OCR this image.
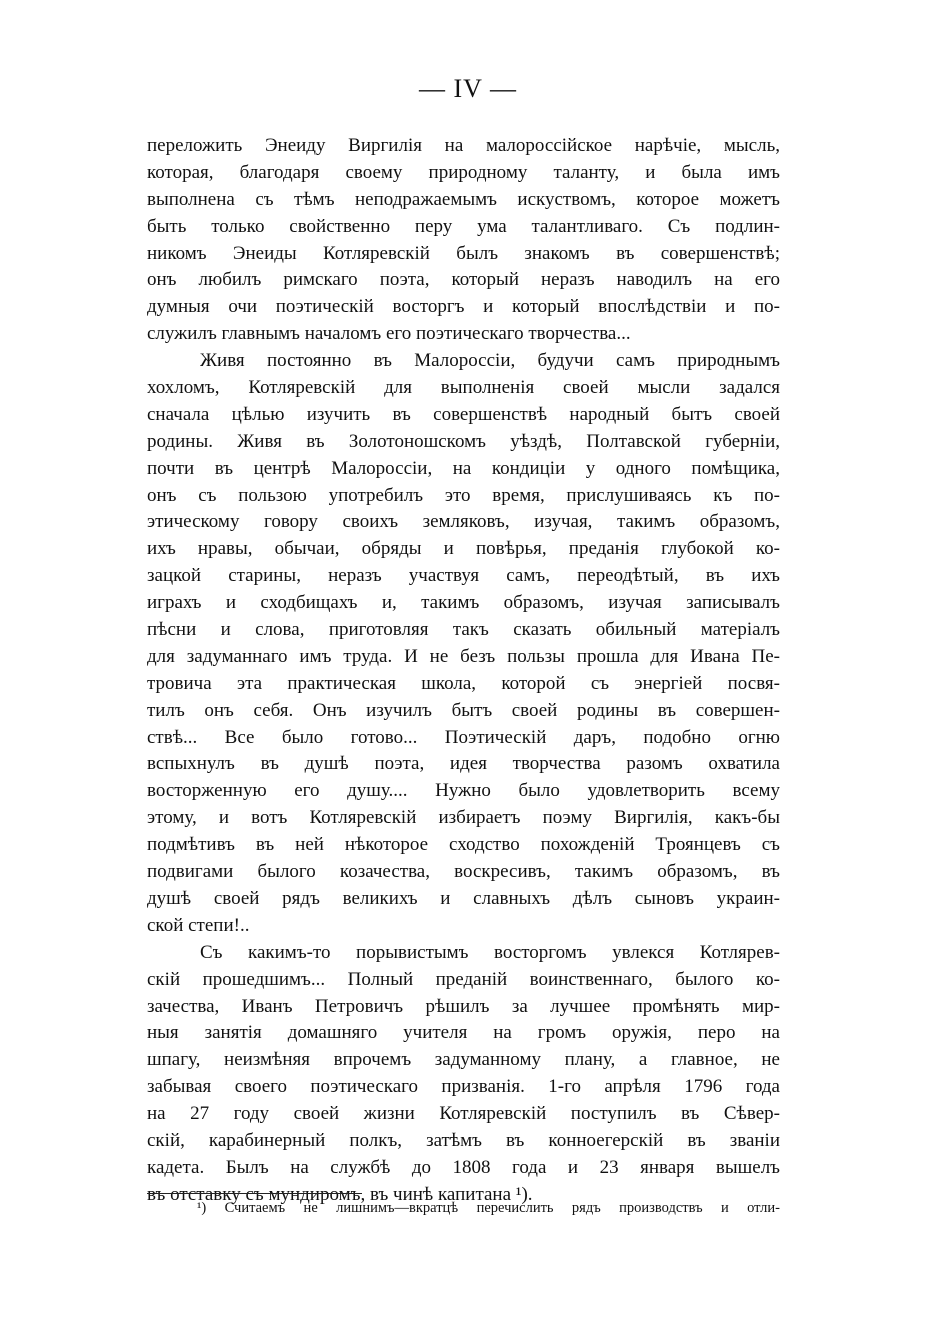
— IV —
переложить Энеиду Виргилія на малороссійское нарѣчіе, мысль,
которая, благодаря своему природному таланту, и была имъ
выполнена съ тѣмъ неподражаемымъ искуствомъ, которое можетъ
быть только свойственно перу ума талантливаго. Съ подлин-
никомъ Энеиды Котляревскій былъ знакомъ въ совершенствѣ;
онъ любилъ римскаго поэта, который неразъ наводилъ на его
думныя очи поэтическій восторгъ и который впослѣдствіи и по-
служилъ главнымъ началомъ его поэтическаго творчества...
Живя постоянно въ Малороссіи, будучи самъ природнымъ
хохломъ, Котляревскій для выполненія своей мысли задался
сначала цѣлью изучить въ совершенствѣ народный бытъ своей
родины. Живя въ Золотоношскомъ уѣздѣ, Полтавской губерніи,
почти въ центрѣ Малороссіи, на кондиціи у одного помѣщика,
онъ съ пользою употребилъ это время, прислушиваясь къ по-
этическому говору своихъ земляковъ, изучая, такимъ образомъ,
ихъ нравы, обычаи, обряды и повѣрья, преданія глубокой ко-
зацкой старины, неразъ участвуя самъ, переодѣтый, въ ихъ
играхъ и сходбищахъ и, такимъ образомъ, изучая записывалъ
пѣсни и слова, приготовляя такъ сказать обильный матеріалъ
для задуманнаго имъ труда. И не безъ пользы прошла для Ивана Пе-
тровича эта практическая школа, которой съ энергіей посвя-
тилъ онъ себя. Онъ изучилъ бытъ своей родины въ совершен-
ствѣ... Все было готово... Поэтическій даръ, подобно огню
вспыхнулъ въ душѣ поэта, идея творчества разомъ охватила
восторженную его душу.... Нужно было удовлетворить всему
этому, и вотъ Котляревскій избираетъ поэму Виргилія, какъ-бы
подмѣтивъ въ ней нѣкоторое сходство похожденій Троянцевъ съ
подвигами былого козачества, воскресивъ, такимъ образомъ, въ
душѣ своей рядъ великихъ и славныхъ дѣлъ сыновъ украин-
ской степи!..
Съ какимъ-то порывистымъ восторгомъ увлекся Котлярев-
скій прошедшимъ... Полный преданій воинственнаго, былого ко-
зачества, Иванъ Петровичъ рѣшилъ за лучшее промѣнять мир-
ныя занятія домашняго учителя на громъ оружія, перо на
шпагу, неизмѣняя впрочемъ задуманному плану, а главное, не
забывая своего поэтическаго призванія. 1-го апрѣля 1796 года
на 27 году своей жизни Котляревскій поступилъ въ Сѣвер-
скій, карабинерный полкъ, затѣмъ въ конноегерскій въ званіи
кадета. Былъ на службѣ до 1808 года и 23 января вышелъ
въ отставку съ мундиромъ, въ чинѣ капитана ¹).
¹) Считаемъ не лишнимъ—вкратцѣ перечислить рядъ производствъ и отли-
